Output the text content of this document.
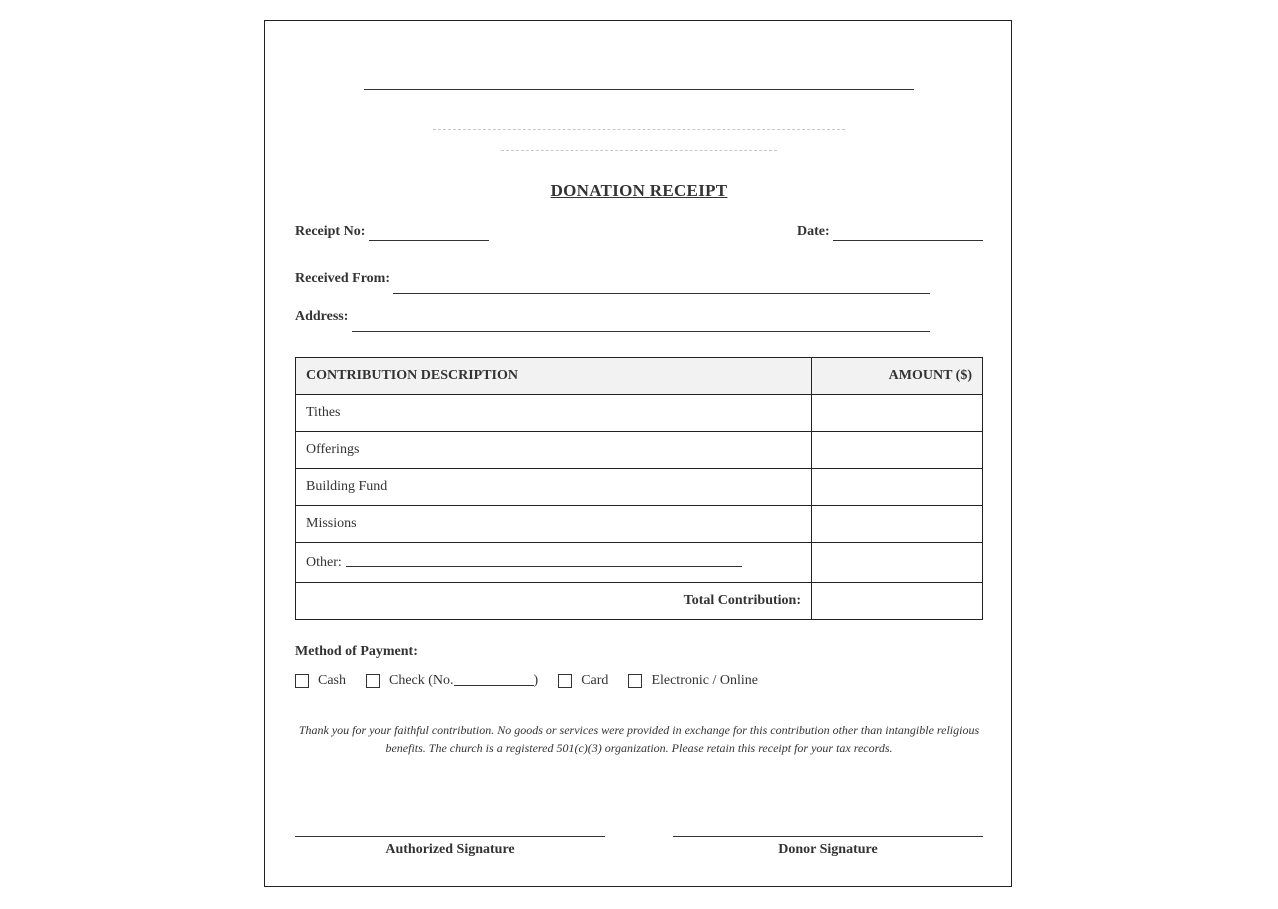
DONATION RECEIPT
Receipt No:	Date:
Received From:
Address:
CONTRIBUTION DESCRIPTION	AMOUNT ($)
Tithes
Offerings
Building Fund
Missions
Other:
Total Contribution:
Method of Payment:
Cash	Check (No.	)	Card	Electronic / Online
Thank you for your faithful contribution. No goods or services were provided in exchange for this contribution other than intangible religious benefits. The church is a registered 501(c)(3) organization. Please retain this receipt for your tax records.
Authorized Signature	Donor Signature
